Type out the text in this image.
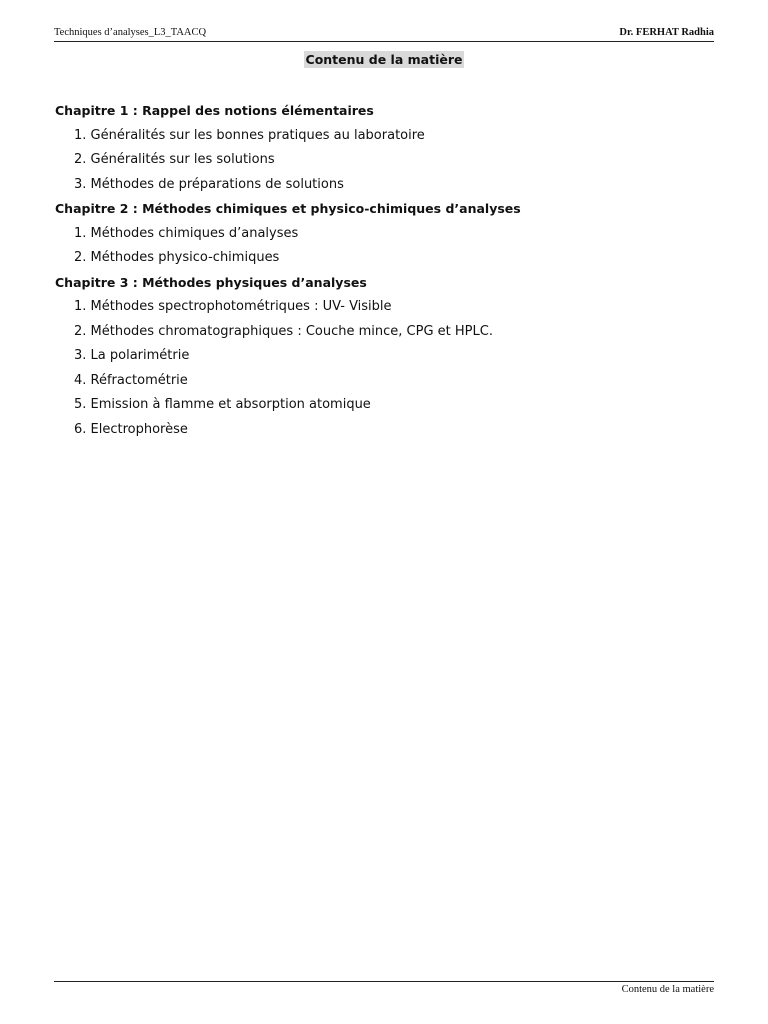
Techniques d’analyses_L3_TAACQ	Dr. FERHAT Radhia
Contenu de la matière
Chapitre 1 : Rappel des notions élémentaires
1. Généralités sur les bonnes pratiques au laboratoire
2. Généralités sur les solutions
3. Méthodes de préparations de solutions
Chapitre 2 : Méthodes chimiques et physico-chimiques d’analyses
1. Méthodes chimiques d’analyses
2. Méthodes physico-chimiques
Chapitre 3 : Méthodes physiques d’analyses
1. Méthodes spectrophotométriques : UV- Visible
2. Méthodes chromatographiques : Couche mince, CPG et HPLC.
3. La polarimétrie
4. Réfractométrie
5. Emission à flamme et absorption atomique
6. Electrophorèse
Contenu de la matière
